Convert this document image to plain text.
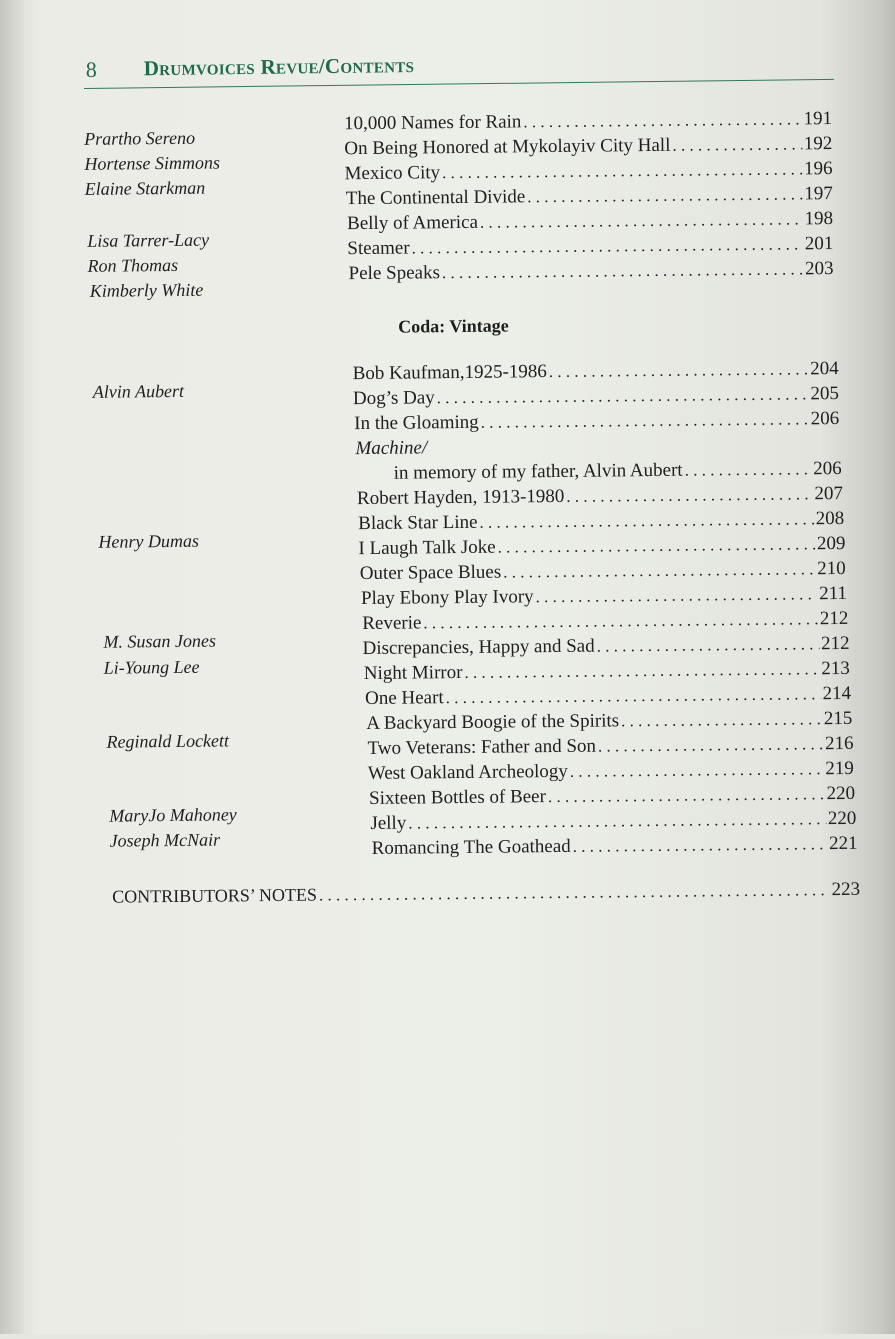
8 Drumvoices Revue/Contents
Prartho Sereno
Hortense Simmons
Elaine Starkman
Lisa Tarrer-Lacy
Ron Thomas
Kimberly White
Alvin Aubert
Henry Dumas
M. Susan Jones
Li-Young Lee
Reginald Lockett
MaryJo Mahoney
Joseph McNair
10,000 Names for Rain . . .	191
On Being Honored at Mykolayiv City Hall . . .	192
Mexico City . . .	196
The Continental Divide . . .	197
Belly of America . . .	198
Steamer . . .	201
Pele Speaks . . .	203
Coda: Vintage
Bob Kaufman,1925-1986 . . .	204
Dog’s Day . . .	205
In the Gloaming . . .	206
Machine/
in memory of my father, Alvin Aubert . . .	206
Robert Hayden, 1913-1980 . . .	207
Black Star Line . . .	208
I Laugh Talk Joke . . .	209
Outer Space Blues . . .	210
Play Ebony Play Ivory . . .	211
Reverie . . .	212
Discrepancies, Happy and Sad . . .	212
Night Mirror . . .	213
One Heart . . .	214
A Backyard Boogie of the Spirits . . .	215
Two Veterans: Father and Son . . .	216
West Oakland Archeology . . .	219
Sixteen Bottles of Beer . . .	220
Jelly . . .	220
Romancing The Goathead . . .	221
CONTRIBUTORS’ NOTES . . .	223
